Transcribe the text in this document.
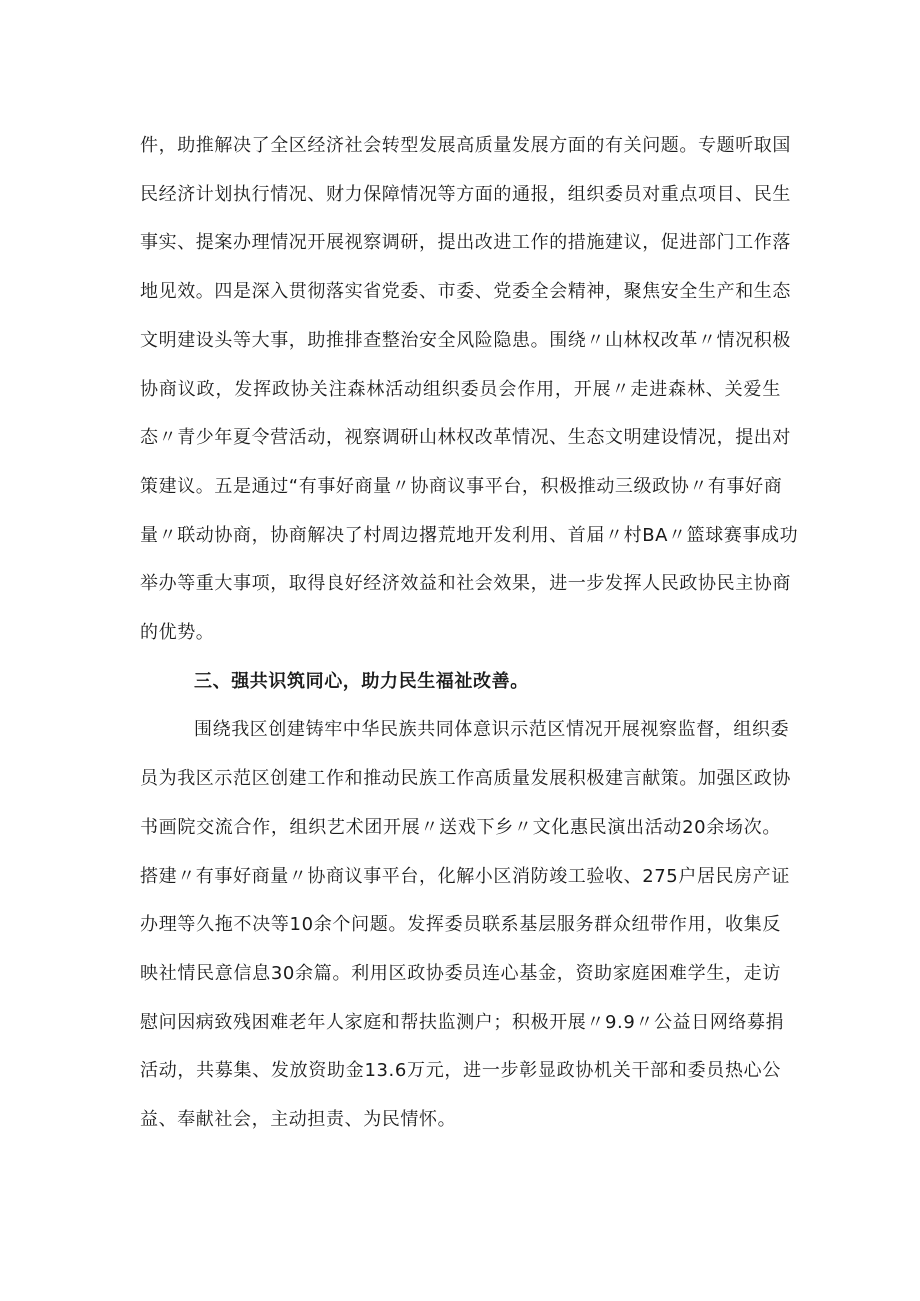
件，助推解决了全区经济社会转型发展高质量发展方面的有关问题。专题听取国
民经济计划执行情况、财力保障情况等方面的通报，组织委员对重点项目、民生
事实、提案办理情况开展视察调研，提出改进工作的措施建议，促进部门工作落
地见效。四是深入贯彻落实省党委、市委、党委全会精神，聚焦安全生产和生态
文明建设头等大事，助推排查整治安全风险隐患。围绕〃山林权改革〃情况积极
协商议政，发挥政协关注森林活动组织委员会作用，开展〃走进森林、关爱生
态〃青少年夏令营活动，视察调研山林权改革情况、生态文明建设情况，提出对
策建议。五是通过“有事好商量〃协商议事平台，积极推动三级政协〃有事好商
量〃联动协商，协商解决了村周边撂荒地开发利用、首届〃村BA〃篮球赛事成功
举办等重大事项，取得良好经济效益和社会效果，进一步发挥人民政协民主协商
的优势。

三、强共识筑同心，助力民生福祉改善。

围绕我区创建铸牢中华民族共同体意识示范区情况开展视察监督，组织委
员为我区示范区创建工作和推动民族工作高质量发展积极建言献策。加强区政协
书画院交流合作，组织艺术团开展〃送戏下乡〃文化惠民演出活动20余场次。
搭建〃有事好商量〃协商议事平台，化解小区消防竣工验收、275户居民房产证
办理等久拖不决等10余个问题。发挥委员联系基层服务群众纽带作用，收集反
映社情民意信息30余篇。利用区政协委员连心基金，资助家庭困难学生，走访
慰问因病致残困难老年人家庭和帮扶监测户；积极开展〃9.9〃公益日网络募捐
活动，共募集、发放资助金13.6万元，进一步彰显政协机关干部和委员热心公
益、奉献社会，主动担责、为民情怀。
